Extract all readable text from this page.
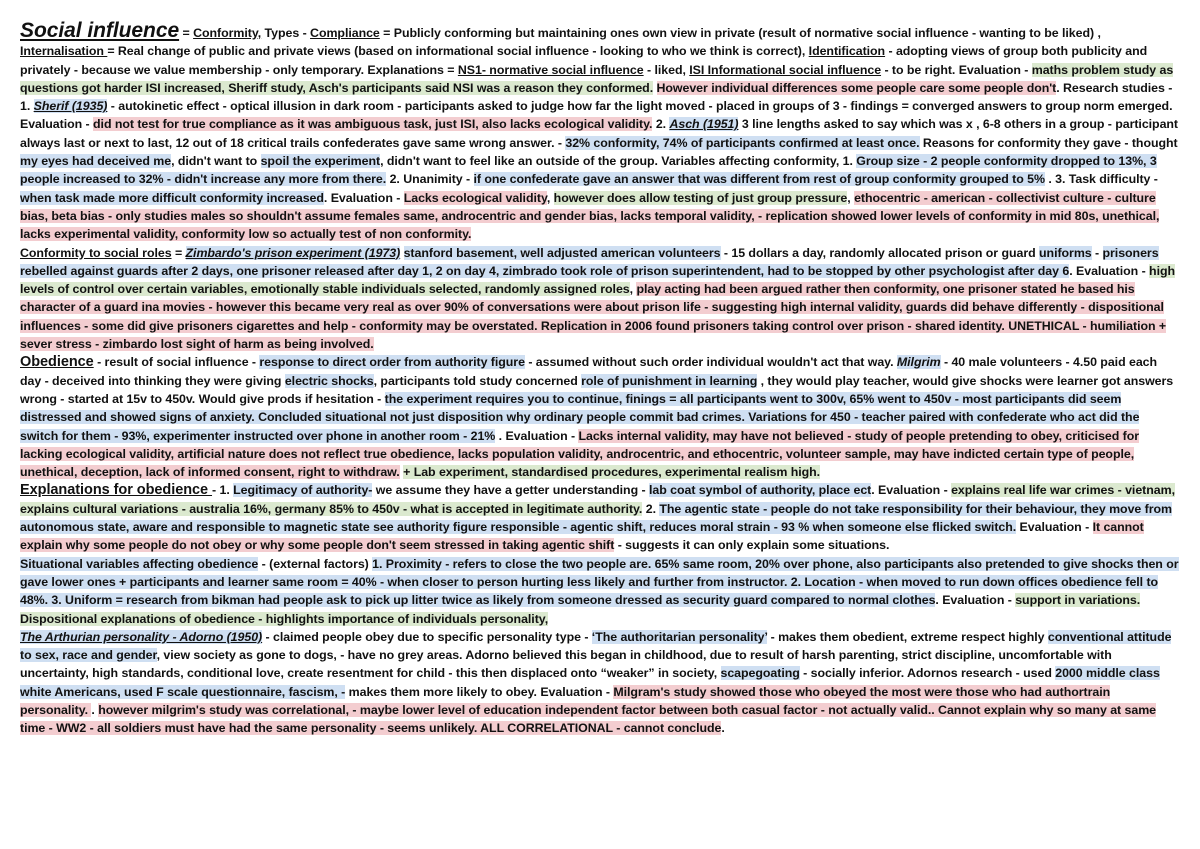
Social influence = Conformity, Types - Compliance = Publicly conforming but maintaining ones own view in private (result of normative social influence - wanting to be liked) , Internalisation = Real change of public and private views (based on informational social influence - looking to who we think is correct), Identification - adopting views of group both publicity and privately - because we value membership - only temporary. Explanations = NS1- normative social influence - liked, ISI Informational social influence - to be right. Evaluation - maths problem study as questions got harder ISI increased, Sheriff study, Asch's participants said NSI was a reason they conformed. However individual differences some people care some people don't. Research studies - 1. Sherif (1935) - autokinetic effect - optical illusion in dark room - participants asked to judge how far the light moved - placed in groups of 3 - findings = converged answers to group norm emerged. Evaluation - did not test for true compliance as it was ambiguous task, just ISI, also lacks ecological validity. 2. Asch (1951) 3 line lengths asked to say which was x , 6-8 others in a group - participant always last or next to last, 12 out of 18 critical trails confederates gave same wrong answer. - 32% conformity, 74% of participants confirmed at least once. Reasons for conformity they gave - thought my eyes had deceived me, didn't want to spoil the experiment, didn't want to feel like an outside of the group. Variables affecting conformity, 1. Group size - 2 people conformity dropped to 13%, 3 people increased to 32% - didn't increase any more from there. 2. Unanimity - if one confederate gave an answer that was different from rest of group conformity grouped to 5% . 3. Task difficulty - when task made more difficult conformity increased. Evaluation - Lacks ecological validity, however does allow testing of just group pressure, ethocentric - american - collectivist culture - culture bias, beta bias - only studies males so shouldn't assume females same, androcentric and gender bias, lacks temporal validity, - replication showed lower levels of conformity in mid 80s, unethical, lacks experimental validity, conformity low so actually test of non conformity.
Conformity to social roles = Zimbardo's prison experiment (1973) stanford basement, well adjusted american volunteers - 15 dollars a day, randomly allocated prison or guard uniforms - prisoners rebelled against guards after 2 days, one prisoner released after day 1, 2 on day 4, zimbrado took role of prison superintendent, had to be stopped by other psychologist after day 6. Evaluation - high levels of control over certain variables, emotionally stable individuals selected, randomly assigned roles, play acting had been argued rather then conformity, one prisoner stated he based his character of a guard ina movies - however this became very real as over 90% of conversations were about prison life - suggesting high internal validity, guards did behave differently - dispositional influences - some did give prisoners cigarettes and help - conformity may be overstated. Replication in 2006 found prisoners taking control over prison - shared identity. UNETHICAL - humiliation + sever stress - zimbardo lost sight of harm as being involved.
Obedience - result of social influence - response to direct order from authority figure - assumed without such order individual wouldn't act that way. Milgrim - 40 male volunteers - 4.50 paid each day - deceived into thinking they were giving electric shocks, participants told study concerned role of punishment in learning , they would play teacher, would give shocks were learner got answers wrong - started at 15v to 450v. Would give prods if hesitation - the experiment requires you to continue, finings = all participants went to 300v, 65% went to 450v - most participants did seem distressed and showed signs of anxiety. Concluded situational not just disposition why ordinary people commit bad crimes. Variations for 450 - teacher paired with confederate who act did the switch for them - 93%, experimenter instructed over phone in another room - 21% . Evaluation - Lacks internal validity, may have not believed - study of people pretending to obey, criticised for lacking ecological validity, artificial nature does not reflect true obedience, lacks population validity, androcentric, and ethocentric, volunteer sample, may have indicted certain type of people, unethical, deception, lack of informed consent, right to withdraw. + Lab experiment, standardised procedures, experimental realism high.
Explanations for obedience - 1. Legitimacy of authority- we assume they have a getter understanding - lab coat symbol of authority, place ect. Evaluation - explains real life war crimes - vietnam, explains cultural variations - australia 16%, germany 85% to 450v - what is accepted in legitimate authority. 2. The agentic state - people do not take responsibility for their behaviour, they move from autonomous state, aware and responsible to magnetic state see authority figure responsible - agentic shift, reduces moral strain - 93 % when someone else flicked switch. Evaluation - It cannot explain why some people do not obey or why some people don't seem stressed in taking agentic shift - suggests it can only explain some situations.
Situational variables affecting obedience - (external factors) 1. Proximity - refers to close the two people are. 65% same room, 20% over phone, also participants also pretended to give shocks then or gave lower ones + participants and learner same room = 40% - when closer to person hurting less likely and further from instructor. 2. Location - when moved to run down offices obedience fell to 48%. 3. Uniform = research from bikman had people ask to pick up litter twice as likely from someone dressed as security guard compared to normal clothes. Evaluation - support in variations. Dispositional explanations of obedience - highlights importance of individuals personality,
The Arthurian personality - Adorno (1950) - claimed people obey due to specific personality type - ‘The authoritarian personality’ - makes them obedient, extreme respect highly conventional attitude to sex, race and gender, view society as gone to dogs, - have no grey areas. Adorno believed this began in childhood, due to result of harsh parenting, strict discipline, uncomfortable with uncertainty, high standards, conditional love, create resentment for child - this then displaced onto “weaker” in society, scapegoating - socially inferior. Adornos research - used 2000 middle class white Americans, used F scale questionnaire, fascism, - makes them more likely to obey. Evaluation - Milgram's study showed those who obeyed the most were those who had authortrain personality. . however milgrim's study was correlational, - maybe lower level of education independent factor between both casual factor - not actually valid.. Cannot explain why so many at same time - WW2 - all soldiers must have had the same personality - seems unlikely. ALL CORRELATIONAL - cannot conclude.
